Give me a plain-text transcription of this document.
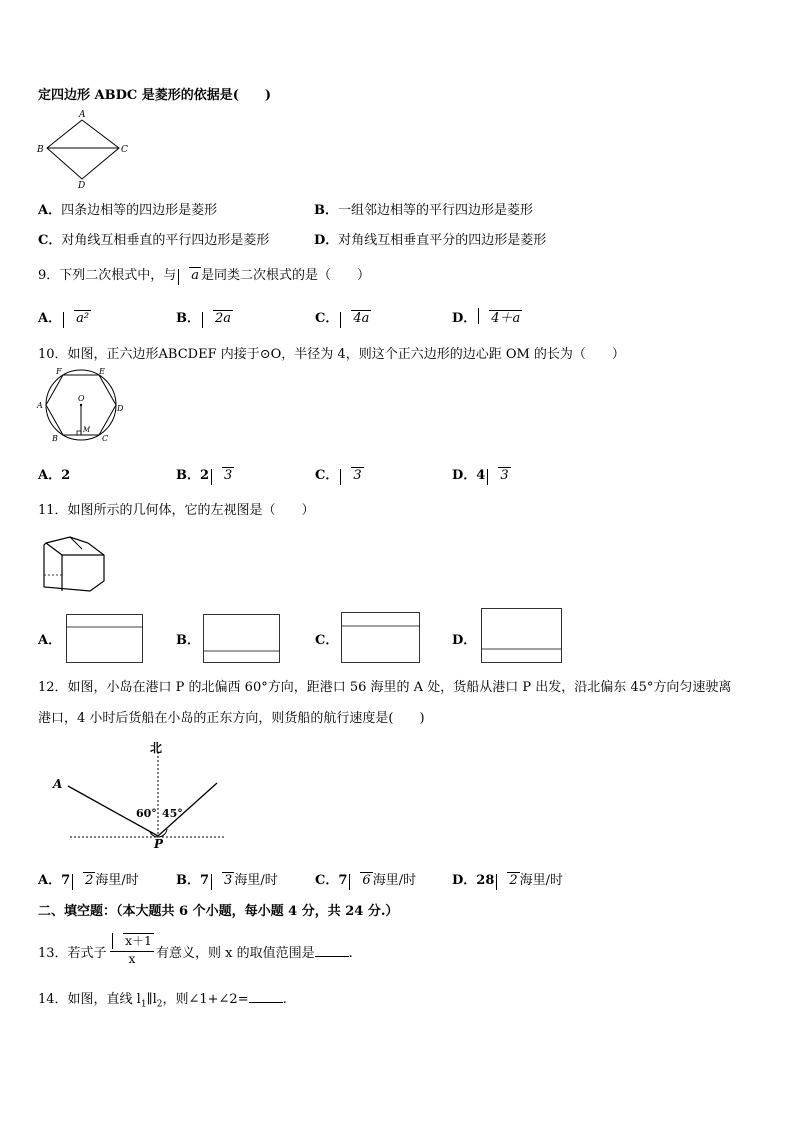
定四边形 ABDC 是菱形的依据是(　　)
A
B	C
D
A．四条边相等的四边形是菱形	B．一组邻边相等的平行四边形是菱形
C．对角线互相垂直的平行四边形是菱形	D．对角线互相垂直平分的四边形是菱形
9．下列二次根式中，与 a 是同类二次根式的是（　　）
A． a²	B． 2a	C． 4a	D． 4＋a
10．如图，正六边形ABCDEF 内接于⊙O，半径为 4，则这个正六边形的边心距 OM 的长为（　　）
F	E
A	D
B	C
O
M
A．2	B．2 3	C． 3	D．4 3
11．如图所示的几何体，它的左视图是（　　）
A．	B．	C．	D．
12．如图，小岛在港口 P 的北偏西 60°方向，距港口 56 海里的 A 处，货船从港口 P 出发，沿北偏东 45°方向匀速驶离
港口，4 小时后货船在小岛的正东方向，则货船的航行速度是(　　)
北
A
P
60° 45°
A．7 2 海里/时	B．7 3 海里/时	C．7 6 海里/时	D．28 2 海里/时
二、填空题：（本大题共 6 个小题，每小题 4 分，共 24 分.）
13．若式子
x＋1
x	有意义，则 x 的取值范围是	.
14．如图，直线 $l_1\parallel l_2$，则∠1+∠2=	.
